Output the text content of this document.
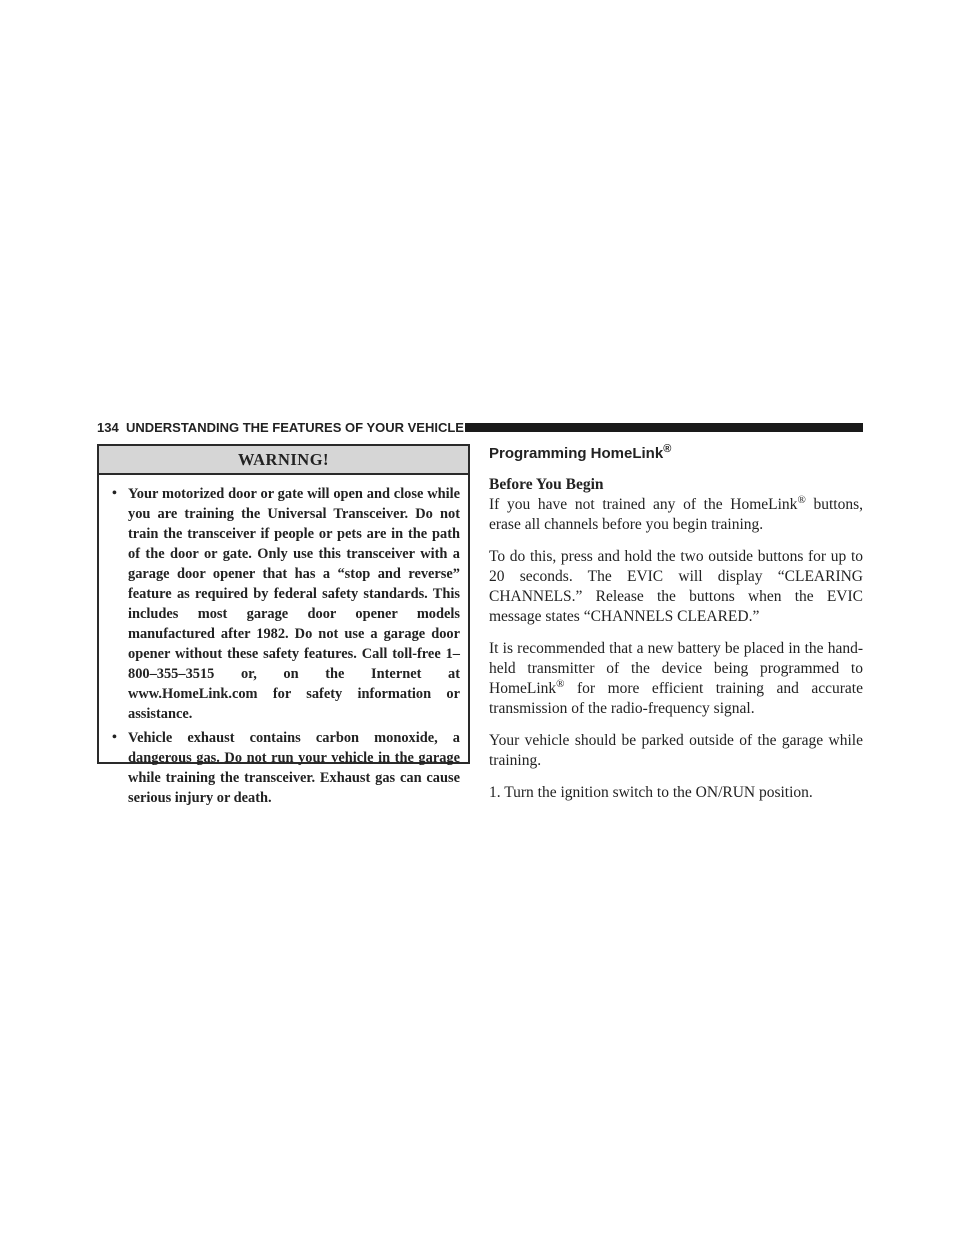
134 UNDERSTANDING THE FEATURES OF YOUR VEHICLE
WARNING!
• Your motorized door or gate will open and close while you are training the Universal Transceiver. Do not train the transceiver if people or pets are in the path of the door or gate. Only use this transceiver with a garage door opener that has a “stop and reverse” feature as required by federal safety standards. This includes most garage door opener models manufactured after 1982. Do not use a garage door opener without these safety features. Call toll-free 1–800–355–3515 or, on the Internet at www.HomeLink.com for safety information or assistance.
• Vehicle exhaust contains carbon monoxide, a dangerous gas. Do not run your vehicle in the garage while training the transceiver. Exhaust gas can cause serious injury or death.
Programming HomeLink®
Before You Begin

If you have not trained any of the HomeLink® buttons, erase all channels before you begin training.

To do this, press and hold the two outside buttons for up to 20 seconds. The EVIC will display “CLEARING CHANNELS.” Release the buttons when the EVIC message states “CHANNELS CLEARED.”

It is recommended that a new battery be placed in the hand-held transmitter of the device being programmed to HomeLink® for more efficient training and accurate transmission of the radio-frequency signal.

Your vehicle should be parked outside of the garage while training.

1. Turn the ignition switch to the ON/RUN position.
